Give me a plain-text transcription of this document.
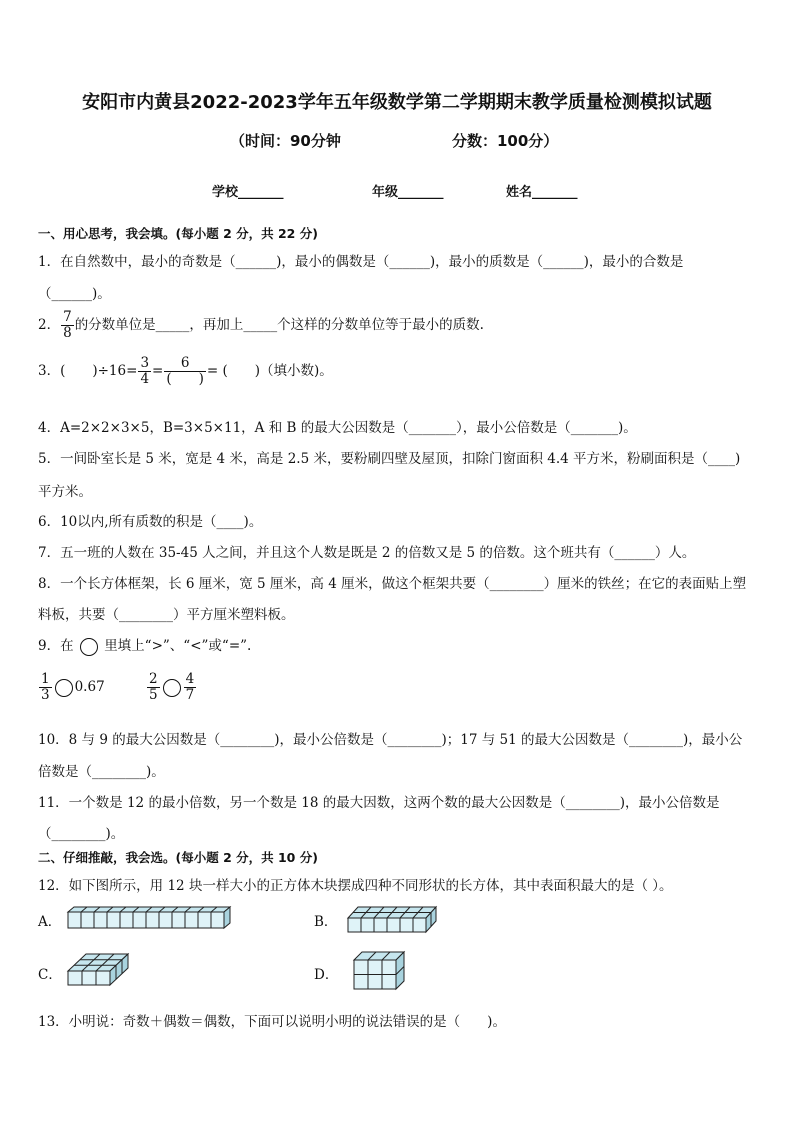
安阳市内黄县2022-2023学年五年级数学第二学期期末教学质量检测模拟试题
（时间：90分钟	分数：100分）
学校_______	年级_______	姓名_______
一、用心思考，我会填。(每小题 2 分，共 22 分)
1．在自然数中，最小的奇数是（______)，最小的偶数是（______)，最小的质数是（______)，最小的合数是
（______)。
2． $\frac{7}{8}$ 的分数单位是_____，再加上_____个这样的分数单位等于最小的质数.
3．(　　)$\div 16= \frac{3}{4} = \frac{6}{( )}$ = (　　)（填小数)。
4．A=2×2×3×5，B=3×5×11，A 和 B 的最大公因数是（_______），最小公倍数是（_______)。
5．一间卧室长是 5 米，宽是 4 米，高是 2.5 米，要粉刷四壁及屋顶，扣除门窗面积 4.4 平方米，粉刷面积是（____)
平方米。
6．10以内,所有质数的积是（____)。
7．五一班的人数在 35-45 人之间，并且这个人数是既是 2 的倍数又是 5 的倍数。这个班共有（______）人。
8．一个长方体框架，长 6 厘米，宽 5 厘米，高 4 厘米，做这个框架共要（________）厘米的铁丝；在它的表面贴上塑
料板，共要（________）平方厘米塑料板。
9．在 里填上“>”、“<”或“=”.
$\frac{1}{3} 0.67$	$\frac{2}{5} \frac{4}{7}$
10．8 与 9 的最大公因数是（________)，最小公倍数是（________)；17 与 51 的最大公因数是（________)，最小公
倍数是（________)。
11．一个数是 12 的最小倍数，另一个数是 18 的最大因数，这两个数的最大公因数是（________)，最小公倍数是
（________)。
二、仔细推敲，我会选。(每小题 2 分，共 10 分)
12．如下图所示，用 12 块一样大小的正方体木块摆成四种不同形状的长方体，其中表面积最大的是（ ）。
A．	B．
C．	D．
13．小明说：奇数＋偶数＝偶数，下面可以说明小明的说法错误的是（　　)。
